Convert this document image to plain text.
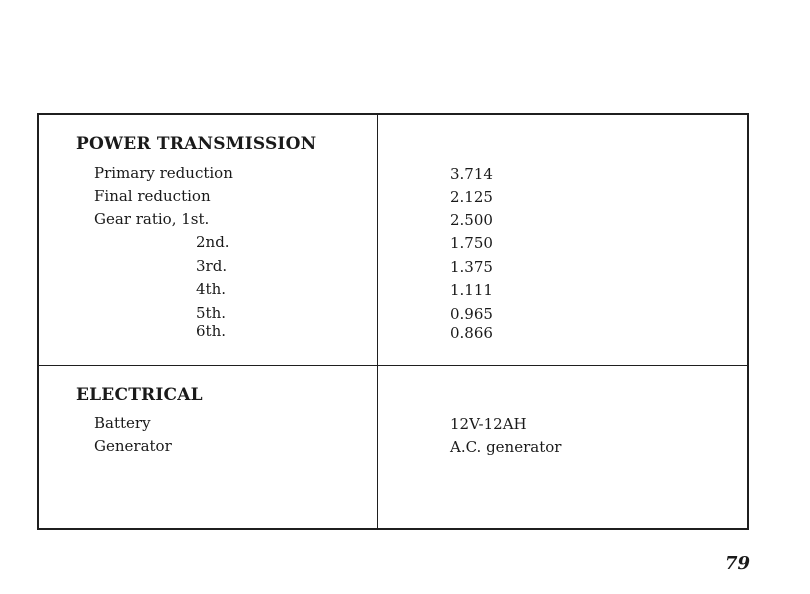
POWER TRANSMISSION
Primary reduction
Final reduction
Gear ratio, 1st.
2nd.
3rd.
4th.
5th.
6th.
3.714
2.125
2.500
1.750
1.375
1.111
0.965
0.866
ELECTRICAL
Battery
Generator
12V-12AH
A.C. generator
79
